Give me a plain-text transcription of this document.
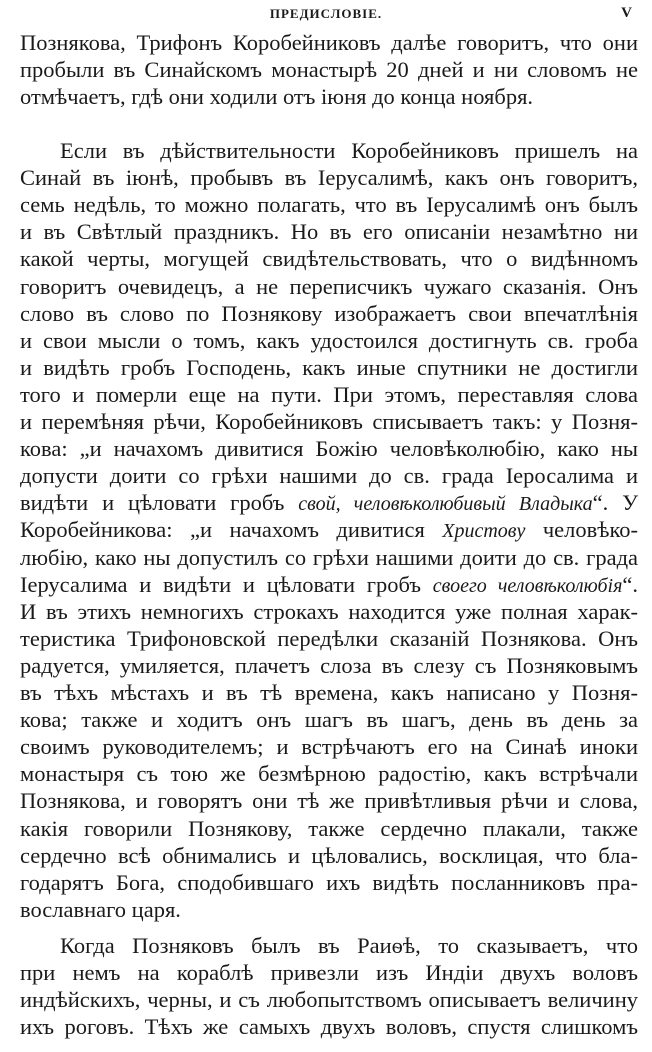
ПРЕДИСЛОВІЕ.	V
Познякова, Трифонъ Коробейниковъ далѣе говоритъ, что они
пробыли въ Синайскомъ монастырѣ 20 дней и ни словомъ не
отмѣчаетъ, гдѣ они ходили отъ іюня до конца ноября.
Если въ дѣйствительности Коробейниковъ пришелъ на
Синай въ іюнѣ, пробывъ въ Іерусалимѣ, какъ онъ говоритъ,
семь недѣль, то можно полагать, что въ Іерусалимѣ онъ былъ
и въ Свѣтлый праздникъ. Но въ его описаніи незамѣтно ни
какой черты, могущей свидѣтельствовать, что о видѣнномъ
говоритъ очевидецъ, а не переписчикъ чужаго сказанія. Онъ
слово въ слово по Познякову изображаетъ свои впечатлѣнія
и свои мысли о томъ, какъ удостоился достигнуть св. гроба
и видѣть гробъ Господень, какъ иные спутники не достигли
того и померли еще на пути. При этомъ, переставляя слова
и перемѣняя рѣчи, Коробейниковъ списываетъ такъ: у Позня-
кова: „и начахомъ дивитися Божію человѣколюбію, како ны
допусти доити со грѣхи нашими до св. града Іеросалима и
видѣти и цѣловати гробъ свой, человѣколюбивый Владыка“. У
Коробейникова: „и начахомъ дивитися Христову человѣко-
любію, како ны допустилъ со грѣхи нашими доити до св. града
Іерусалима и видѣти и цѣловати гробъ своего человѣколюбія“.
И въ этихъ немногихъ строкахъ находится уже полная харак-
теристика Трифоновской передѣлки сказаній Познякова. Онъ
радуется, умиляется, плачетъ слоза въ слезу съ Позняковымъ
въ тѣхъ мѣстахъ и въ тѣ времена, какъ написано у Позня-
кова; также и ходитъ онъ шагъ въ шагъ, день въ день за
своимъ руководителемъ; и встрѣчаютъ его на Синаѣ иноки
монастыря съ тою же безмѣрною радостію, какъ встрѣчали
Познякова, и говорятъ они тѣ же привѣтливыя рѣчи и слова,
какія говорили Познякову, также сердечно плакали, также
сердечно всѣ обнимались и цѣловались, восклицая, что бла-
годарятъ Бога, сподобившаго ихъ видѣть посланниковъ пра-
вославнаго царя.
Когда Позняковъ былъ въ Раиѳѣ, то сказываетъ, что
при немъ на кораблѣ привезли изъ Индіи двухъ воловъ
индѣйскихъ, черны, и съ любопытствомъ описываетъ величину
ихъ роговъ. Тѣхъ же самыхъ двухъ воловъ, спустя слишкомъ
